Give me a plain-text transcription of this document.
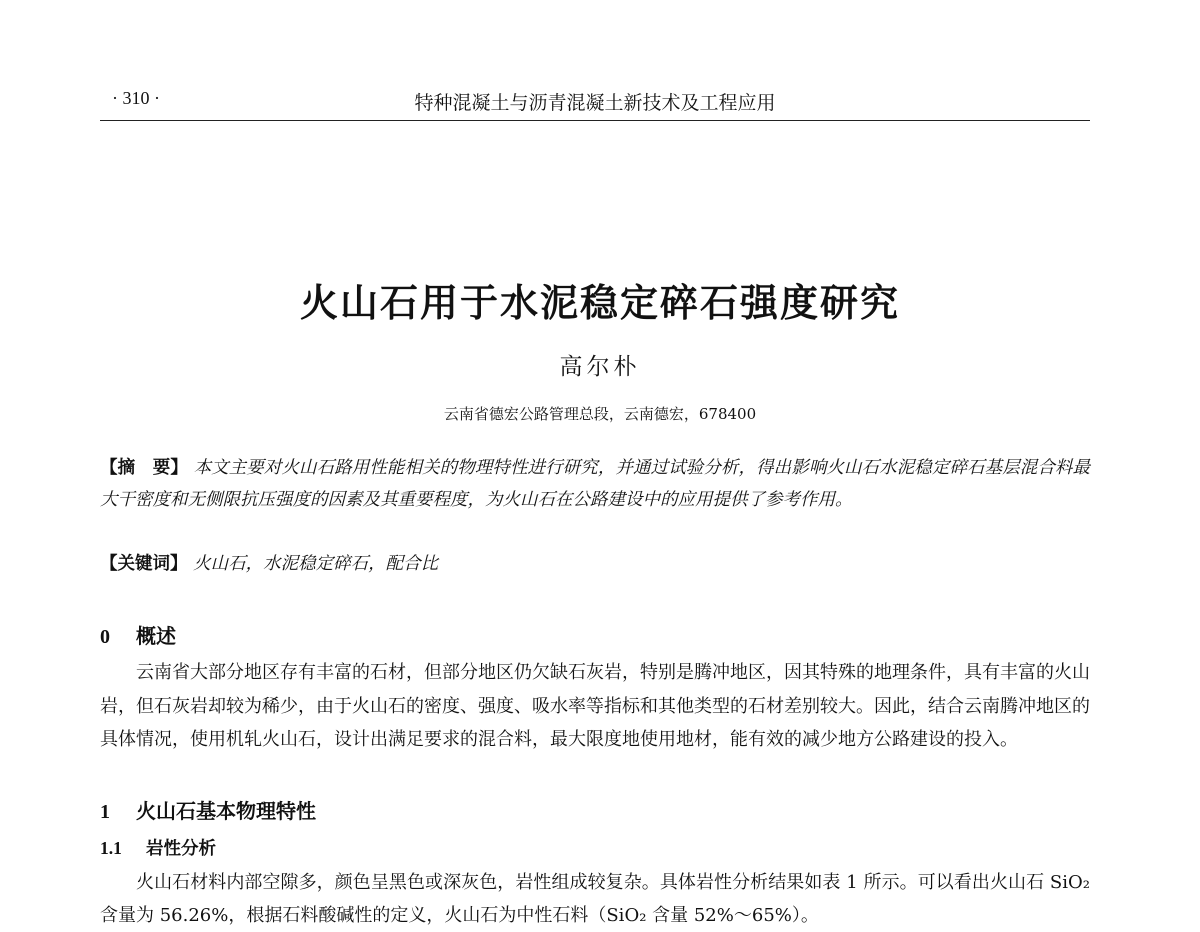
· 310 ·	特种混凝土与沥青混凝土新技术及工程应用
火山石用于水泥稳定碎石强度研究
高尔朴
云南省德宏公路管理总段，云南德宏，678400
【摘　要】 本文主要对火山石路用性能相关的物理特性进行研究，并通过试验分析，得出影响火山石水泥稳定碎石基层混合料最大干密度和无侧限抗压强度的因素及其重要程度，为火山石在公路建设中的应用提供了参考作用。
【关键词】 火山石，水泥稳定碎石，配合比
0 概述
云南省大部分地区存有丰富的石材，但部分地区仍欠缺石灰岩，特别是腾冲地区，因其特殊的地理条件，具有丰富的火山岩，但石灰岩却较为稀少，由于火山石的密度、强度、吸水率等指标和其他类型的石材差别较大。因此，结合云南腾冲地区的具体情况，使用机轧火山石，设计出满足要求的混合料，最大限度地使用地材，能有效的减少地方公路建设的投入。
1 火山石基本物理特性
1.1 岩性分析
火山石材料内部空隙多，颜色呈黑色或深灰色，岩性组成较复杂。具体岩性分析结果如表 1 所示。可以看出火山石 SiO₂ 含量为 56.26%，根据石料酸碱性的定义，火山石为中性石料（SiO₂ 含量 52%～65%）。
